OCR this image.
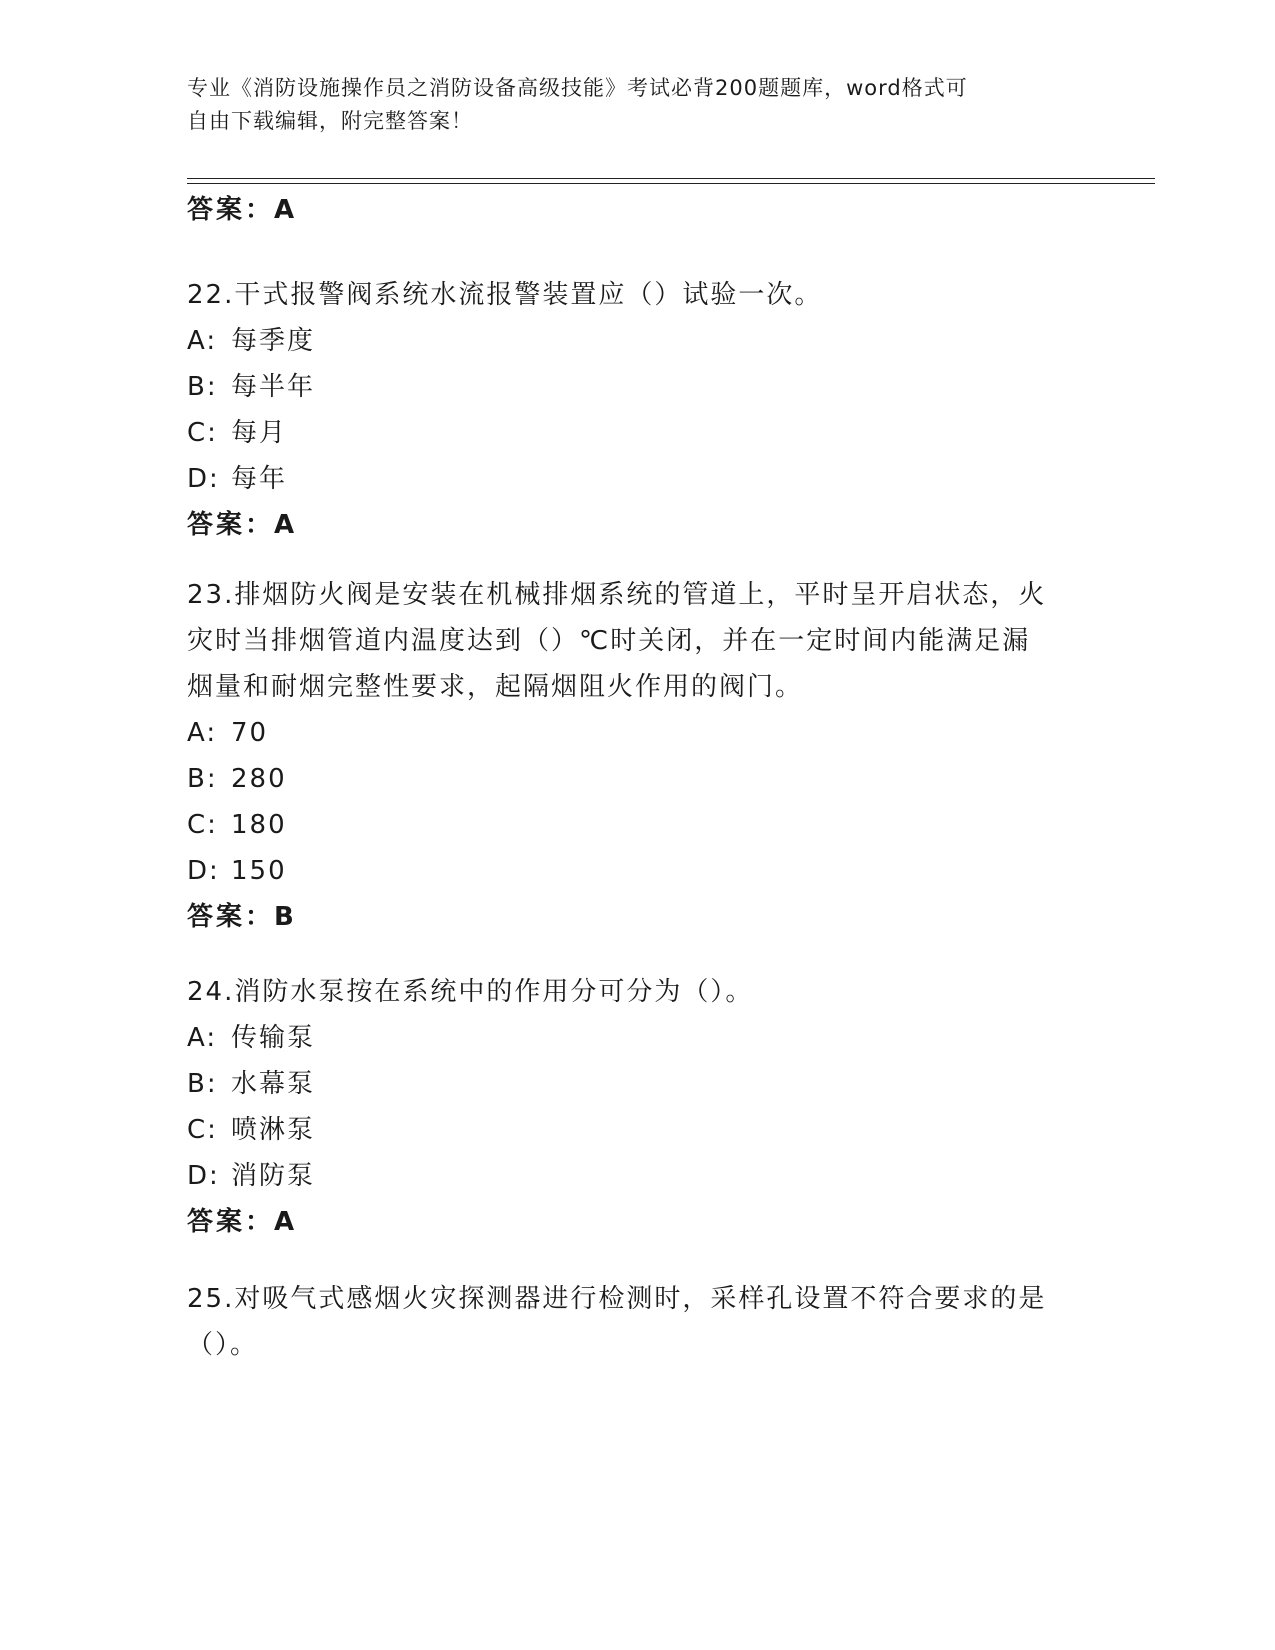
专业《消防设施操作员之消防设备高级技能》考试必背200题题库，word格式可
自由下载编辑，附完整答案！
答案：A
22.干式报警阀系统水流报警装置应（）试验一次。
A: 每季度
B: 每半年
C: 每月
D: 每年
答案：A
23.排烟防火阀是安装在机械排烟系统的管道上，平时呈开启状态，火
灾时当排烟管道内温度达到（）℃时关闭，并在一定时间内能满足漏
烟量和耐烟完整性要求，起隔烟阻火作用的阀门。
A: 70
B: 280
C: 180
D: 150
答案：B
24.消防水泵按在系统中的作用分可分为（）。
A: 传输泵
B: 水幕泵
C: 喷淋泵
D: 消防泵
答案：A
25.对吸气式感烟火灾探测器进行检测时，采样孔设置不符合要求的是
（）。
